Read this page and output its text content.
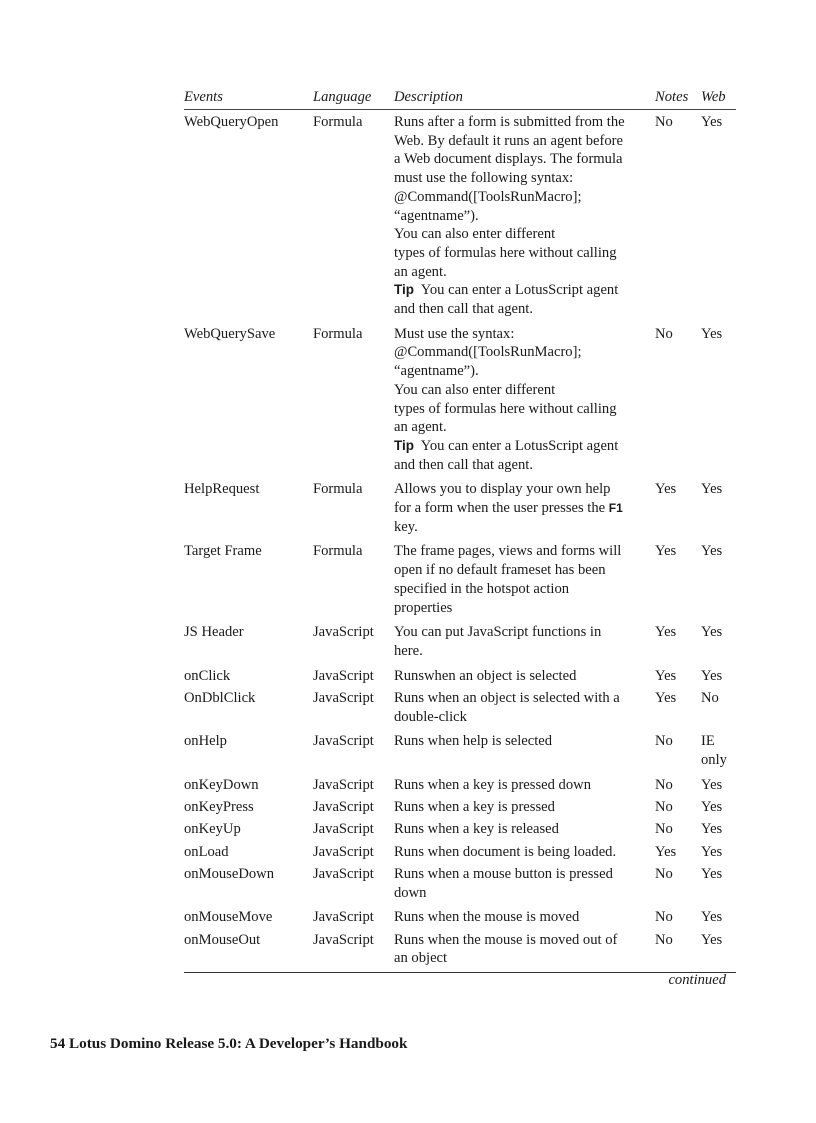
Events	Language	Description	Notes Web
WebQueryOpen	Formula	Runs after a form is submitted from the
Web. By default it runs an agent before
a Web document displays. The formula
must use the following syntax:
@Command([ToolsRunMacro];
“agentname”).
You can also enter different
types of formulas here without calling
an agent.
Tip You can enter a LotusScript agent
and then call that agent.
No	Yes
WebQuerySave	Formula	Must use the syntax:
@Command([ToolsRunMacro];
“agentname”).
You can also enter different
types of formulas here without calling
an agent.
Tip You can enter a LotusScript agent
and then call that agent.
No	Yes
HelpRequest	Formula	Allows you to display your own help
for a form when the user presses the F1
key.
Yes	Yes
Target Frame	Formula	The frame pages, views and forms will
open if no default frameset has been
specified in the hotspot action
properties
Yes	Yes
JS Header	JavaScript	You can put JavaScript functions in
here.
Yes	Yes
onClick	JavaScript	Runswhen an object is selected	Yes	Yes
OnDblClick	JavaScript	Runs when an object is selected with a
double-click
Yes	No
onHelp	JavaScript	Runs when help is selected	No	IE only
onKeyDown	JavaScript	Runs when a key is pressed down	No	Yes
onKeyPress	JavaScript	Runs when a key is pressed	No	Yes
onKeyUp	JavaScript	Runs when a key is released	No	Yes
onLoad	JavaScript	Runs when document is being loaded.	Yes	Yes
onMouseDown	JavaScript	Runs when a mouse button is pressed
down
No	Yes
onMouseMove	JavaScript	Runs when the mouse is moved	No	Yes
onMouseOut	JavaScript	Runs when the mouse is moved out of
an object
No	Yes
continued
54 Lotus Domino Release 5.0: A Developer’s Handbook
